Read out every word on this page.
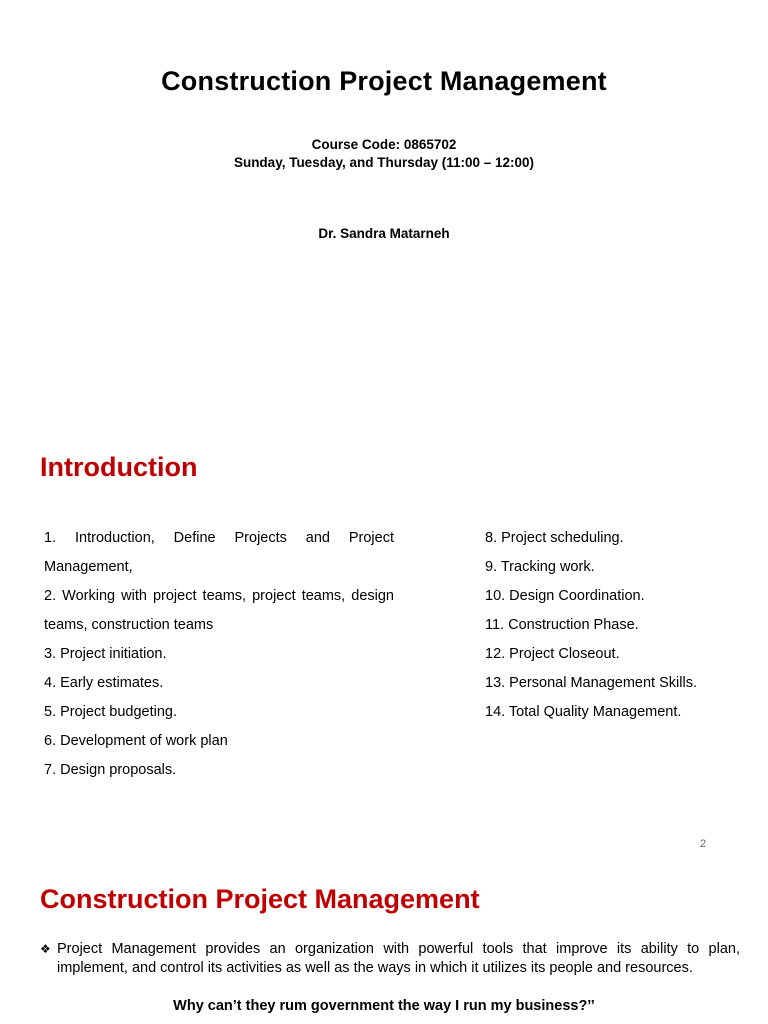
Construction Project Management
Course Code: 0865702
Sunday, Tuesday, and Thursday (11:00 – 12:00)
Dr. Sandra Matarneh
Introduction
1. Introduction, Define Projects and Project Management,
2. Working with project teams, project teams, design teams, construction teams
3. Project initiation.
4. Early estimates.
5. Project budgeting.
6. Development of work plan
7. Design proposals.
8. Project scheduling.
9. Tracking work.
10. Design Coordination.
11. Construction Phase.
12. Project Closeout.
13. Personal Management Skills.
14. Total Quality Management.
2
Construction Project Management
❖ Project Management provides an organization with powerful tools that improve its ability to plan, implement, and control its activities as well as the ways in which it utilizes its people and resources.
Why can’t they rum government the way I run my business?’’
